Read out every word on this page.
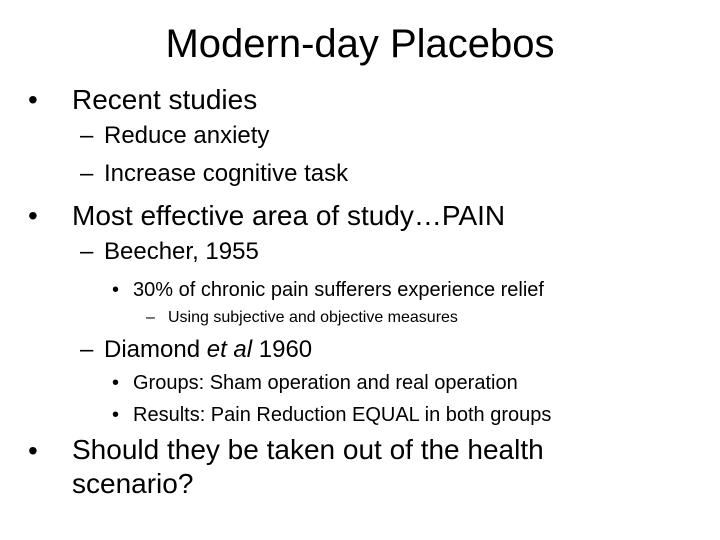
Modern-day Placebos
• Recent studies
– Reduce anxiety
– Increase cognitive task
• Most effective area of study…PAIN
– Beecher, 1955
• 30% of chronic pain sufferers experience relief
– Using subjective and objective measures
– Diamond et al 1960
• Groups: Sham operation and real operation
• Results: Pain Reduction EQUAL in both groups
• Should they be taken out of the health
scenario?
